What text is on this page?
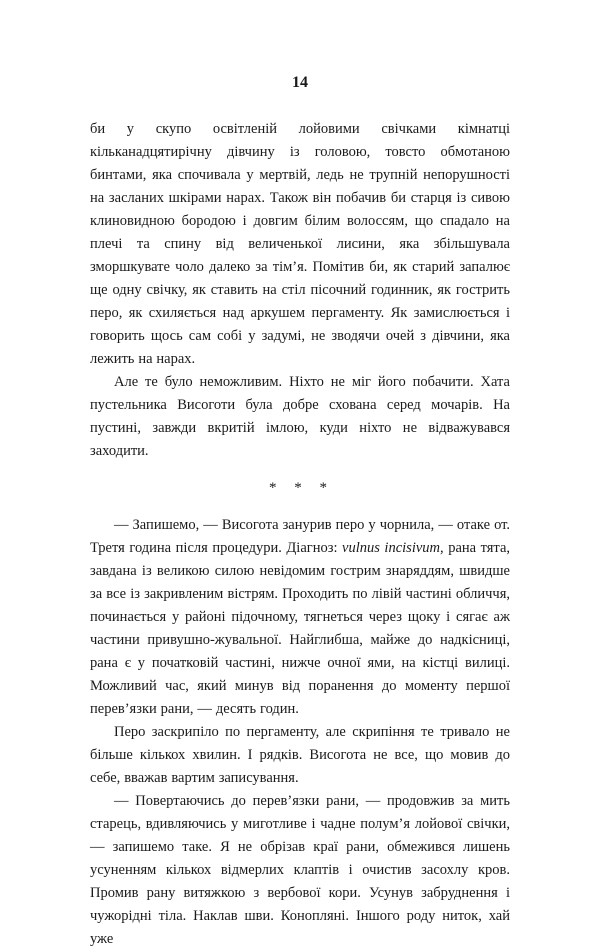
14

би у скупо освітленій лойовими свічками кімнатці кільканадцятирічну дівчину із головою, товсто обмотаною бинтами, яка спочивала у мертвій, ледь не трупній непорушності на засланих шкірами нарах. Також він побачив би старця із сивою клиновидною бородою і довгим білим волоссям, що спадало на плечі та спину від величенької лисини, яка збільшувала зморшкувате чоло далеко за тім’я. Помітив би, як старий запалює ще одну свічку, як ставить на стіл пісочний годинник, як гострить перо, як схиляється над аркушем пергаменту. Як замислюється і говорить щось сам собі у задумі, не зводячи очей з дівчини, яка лежить на нарах.

Але те було неможливим. Ніхто не міг його побачити. Хата пустельника Висоготи була добре схована серед мочарів. На пустині, завжди вкритій імлою, куди ніхто не відважувався заходити.

* * *

— Запишемо, — Висогота занурив перо у чорнила, — отаке от. Третя година після процедури. Діагноз: vulnus incisivum, рана тята, завдана із великою силою невідомим гострим знаряддям, швидше за все із закривленим вістрям. Проходить по лівій частині обличчя, починається у районі підочному, тягнеться через щоку і сягає аж частини привушно-жувальної. Найглибша, майже до надкісниці, рана є у початковій частині, нижче очної ями, на кістці вилиці. Можливий час, який минув від поранення до моменту першої перев’язки рани, — десять годин.

Перо заскрипіло по пергаменту, але скрипіння те тривало не більше кількох хвилин. І рядків. Висогота не все, що мовив до себе, вважав вартим записування.

— Повертаючись до перев’язки рани, — продовжив за мить старець, вдивляючись у миготливе і чадне полум’я лойової свічки, — запишемо таке. Я не обрізав краї рани, обмежився лишень усуненням кількох відмерлих клаптів і очистив засохлу кров. Промив рану витяжкою з вербової кори. Усунув забруднення і чужорідні тіла. Наклав шви. Конопляні. Іншого роду ниток, хай уже
